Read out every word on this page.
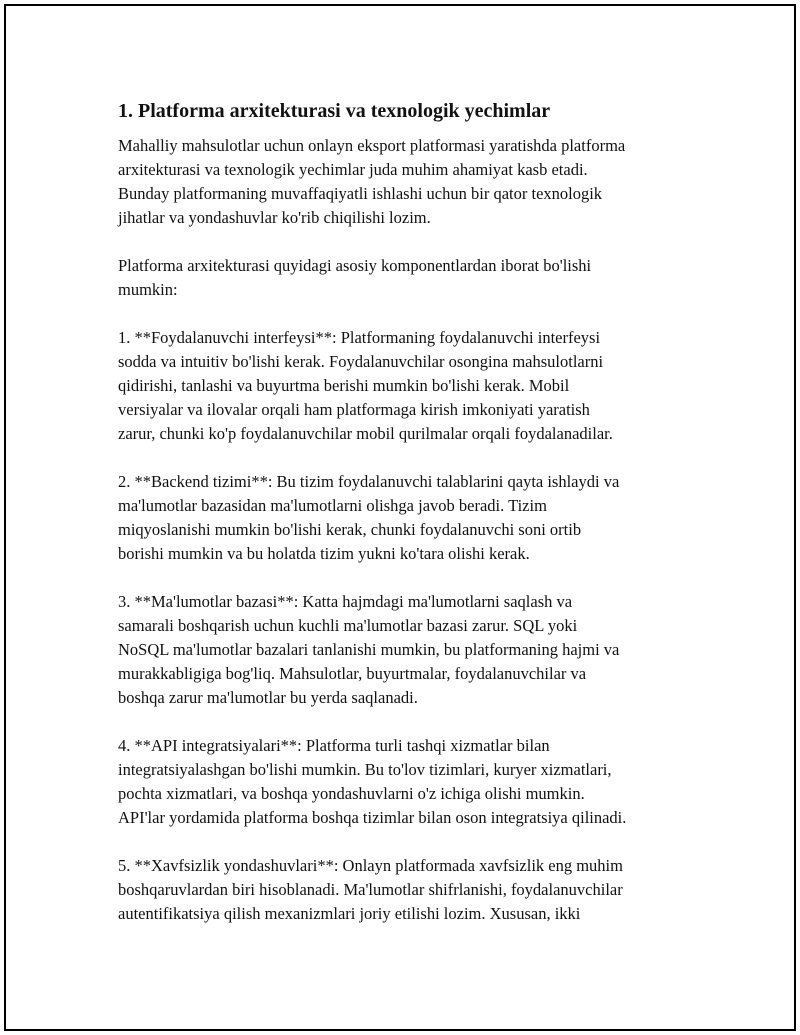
1. Platforma arxitekturasi va texnologik yechimlar

Mahalliy mahsulotlar uchun onlayn eksport platformasi yaratishda platforma
arxitekturasi va texnologik yechimlar juda muhim ahamiyat kasb etadi.
Bunday platformaning muvaffaqiyatli ishlashi uchun bir qator texnologik
jihatlar va yondashuvlar ko'rib chiqilishi lozim.

Platforma arxitekturasi quyidagi asosiy komponentlardan iborat bo'lishi
mumkin:

1. **Foydalanuvchi interfeysi**: Platformaning foydalanuvchi interfeysi
sodda va intuitiv bo'lishi kerak. Foydalanuvchilar osongina mahsulotlarni
qidirishi, tanlashi va buyurtma berishi mumkin bo'lishi kerak. Mobil
versiyalar va ilovalar orqali ham platformaga kirish imkoniyati yaratish
zarur, chunki ko'p foydalanuvchilar mobil qurilmalar orqali foydalanadilar.

2. **Backend tizimi**: Bu tizim foydalanuvchi talablarini qayta ishlaydi va
ma'lumotlar bazasidan ma'lumotlarni olishga javob beradi. Tizim
miqyoslanishi mumkin bo'lishi kerak, chunki foydalanuvchi soni ortib
borishi mumkin va bu holatda tizim yukni ko'tara olishi kerak.

3. **Ma'lumotlar bazasi**: Katta hajmdagi ma'lumotlarni saqlash va
samarali boshqarish uchun kuchli ma'lumotlar bazasi zarur. SQL yoki
NoSQL ma'lumotlar bazalari tanlanishi mumkin, bu platformaning hajmi va
murakkabligiga bog'liq. Mahsulotlar, buyurtmalar, foydalanuvchilar va
boshqa zarur ma'lumotlar bu yerda saqlanadi.

4. **API integratsiyalari**: Platforma turli tashqi xizmatlar bilan
integratsiyalashgan bo'lishi mumkin. Bu to'lov tizimlari, kuryer xizmatlari,
pochta xizmatlari, va boshqa yondashuvlarni o'z ichiga olishi mumkin.
API'lar yordamida platforma boshqa tizimlar bilan oson integratsiya qilinadi.

5. **Xavfsizlik yondashuvlari**: Onlayn platformada xavfsizlik eng muhim
boshqaruvlardan biri hisoblanadi. Ma'lumotlar shifrlanishi, foydalanuvchilar
autentifikatsiya qilish mexanizmlari joriy etilishi lozim. Xususan, ikki
